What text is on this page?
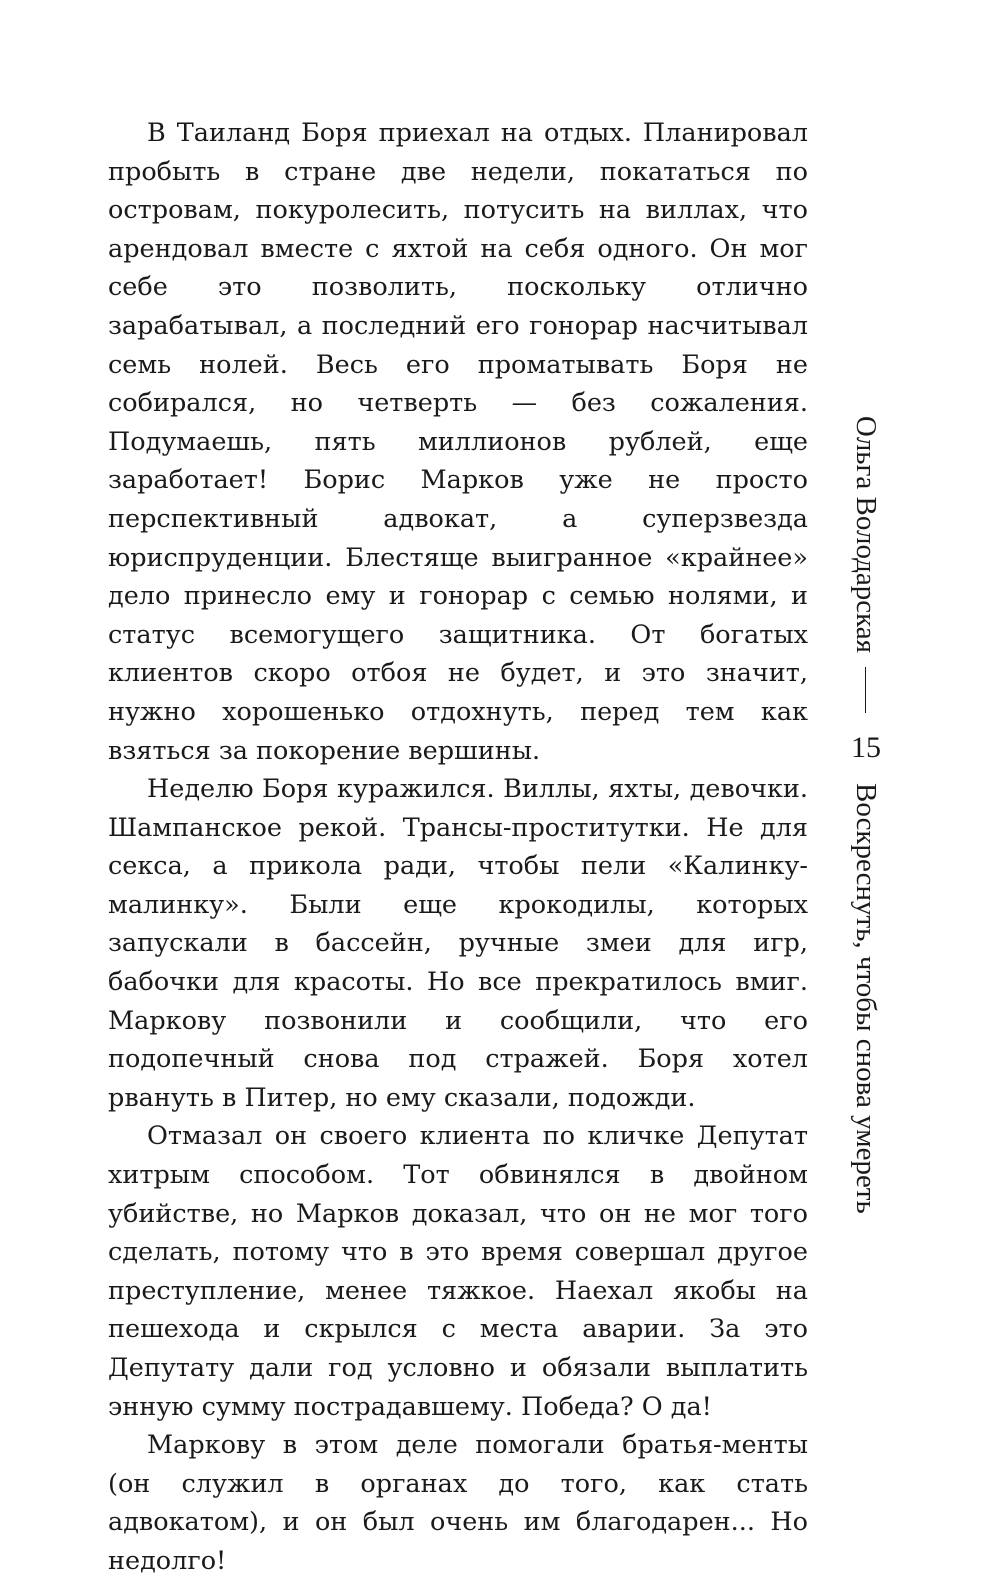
В Таиланд Боря приехал на отдых. Планировал пробыть в стране две недели, покататься по островам, покуролесить, потусить на виллах, что арендовал вместе с яхтой на себя одного. Он мог себе это позволить, поскольку отлично зарабатывал, а последний его гонорар насчитывал семь нолей. Весь его проматывать Боря не собирался, но четверть — без сожаления. Подумаешь, пять миллионов рублей, еще заработает! Борис Марков уже не просто перспективный адвокат, а суперзвезда юриспруденции. Блестяще выигранное «крайнее» дело принесло ему и гонорар с семью нолями, и статус всемогущего защитника. От богатых клиентов скоро отбоя не будет, и это значит, нужно хорошенько отдохнуть, перед тем как взяться за покорение вершины.

Неделю Боря куражился. Виллы, яхты, девочки. Шампанское рекой. Трансы-проститутки. Не для секса, а прикола ради, чтобы пели «Калинку-малинку». Были еще крокодилы, которых запускали в бассейн, ручные змеи для игр, бабочки для красоты. Но все прекратилось вмиг. Маркову позвонили и сообщили, что его подопечный снова под стражей. Боря хотел рвануть в Питер, но ему сказали, подожди.

Отмазал он своего клиента по кличке Депутат хитрым способом. Тот обвинялся в двойном убийстве, но Марков доказал, что он не мог того сделать, потому что в это время совершал другое преступление, менее тяжкое. Наехал якобы на пешехода и скрылся с места аварии. За это Депутату дали год условно и обязали выплатить энную сумму пострадавшему. Победа? О да!

Маркову в этом деле помогали братья-менты (он служил в органах до того, как стать адвокатом), и он был очень им благодарен... Но недолго!

Ольга Володарская
15
Воскреснуть, чтобы снова умереть
